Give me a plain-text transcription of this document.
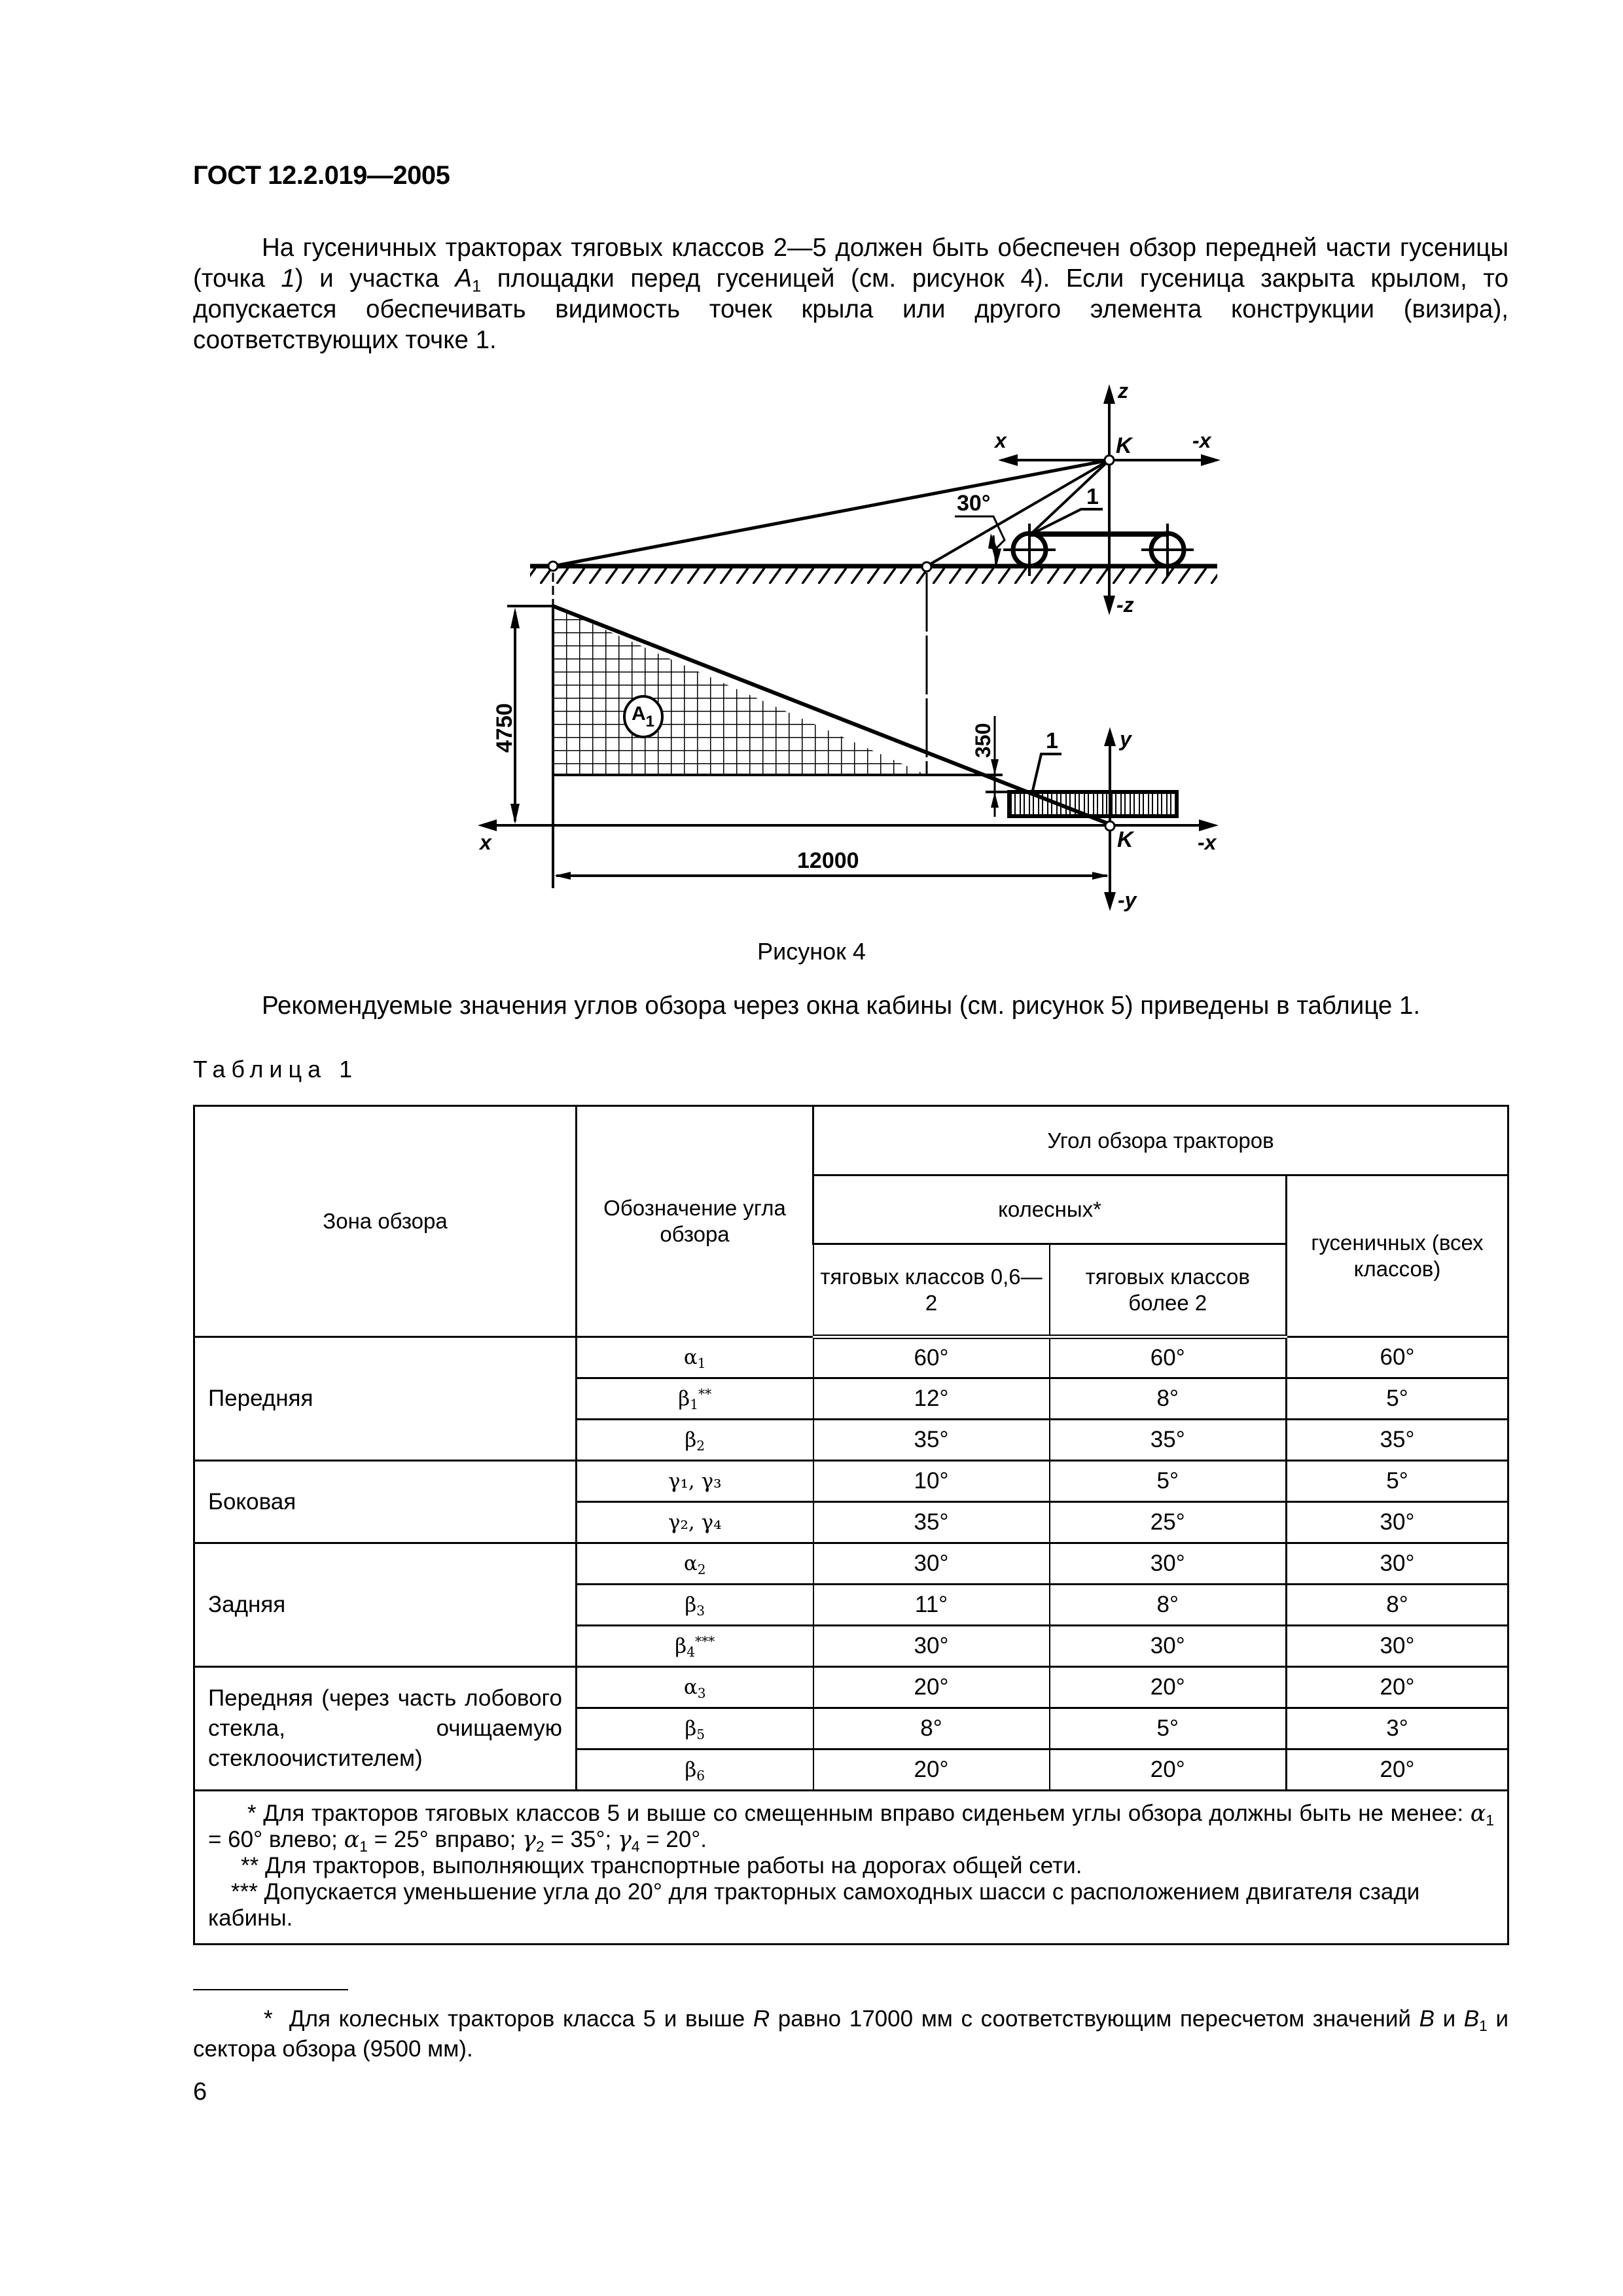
ГОСТ 12.2.019—2005
На гусеничных тракторах тяговых классов 2—5 должен быть обеспечен обзор передней части гусеницы (точка 1) и участка $A_1$ площадки перед гусеницей (см. рисунок 4). Если гусеница закрыта крылом, то допускается обеспечивать видимость точек крыла или другого элемента конструкции (визира), соответствующих точке 1.
z
K
x	-x
-z
30°	1
$A_1$
4750	350 1	y
-y
x	-x
K
12000
Рисунок 4
Рекомендуемые значения углов обзора через окна кабины (см. рисунок 5) приведены в таблице 1.
Таблица 1
Зона обзора	Обозначение угла обзора	Угол обзора тракторов		
		колесных*		гусеничных (всех классов)
		тяговых классов 0,6—2	тяговых классов более 2	
Передняя	$\alpha_1$	60°	60°	60°
	$\beta_1^{**}$	12°	8°	5°
	$\beta_2$	35°	35°	35°
Боковая	γ₁, γ₃	10°	5°	5°
	γ₂, γ₄	35°	25°	30°
Задняя	$\alpha_2$	30°	30°	30°
	$\beta_3$	11°	8°	8°
	$\beta_4^{***}$	30°	30°	30°
Передняя (через часть лобового стекла, очищаемую стеклоочистителем)	$\alpha_3$	20°	20°	20°
	$\beta_5$	8°	5°	3°
	$\beta_6$	20°	20°	20°

* Для тракторов тяговых классов 5 и выше со смещенным вправо сиденьем углы обзора должны быть не менее: $\alpha_1 = 60^\circ$ влево; $\alpha_1 = 25^\circ$ вправо; $\gamma_2 = 35^\circ$; $\gamma_4 = 20^\circ$.

** Для тракторов, выполняющих транспортные работы на дорогах общей сети.

*** Допускается уменьшение угла до 20° для тракторных самоходных шасси с расположением двигателя сзади кабины.				

* Для колесных тракторов класса 5 и выше R равно 17000 мм с соответствующим пересчетом значений B и $B_1$ и сектора обзора (9500 мм).
6
